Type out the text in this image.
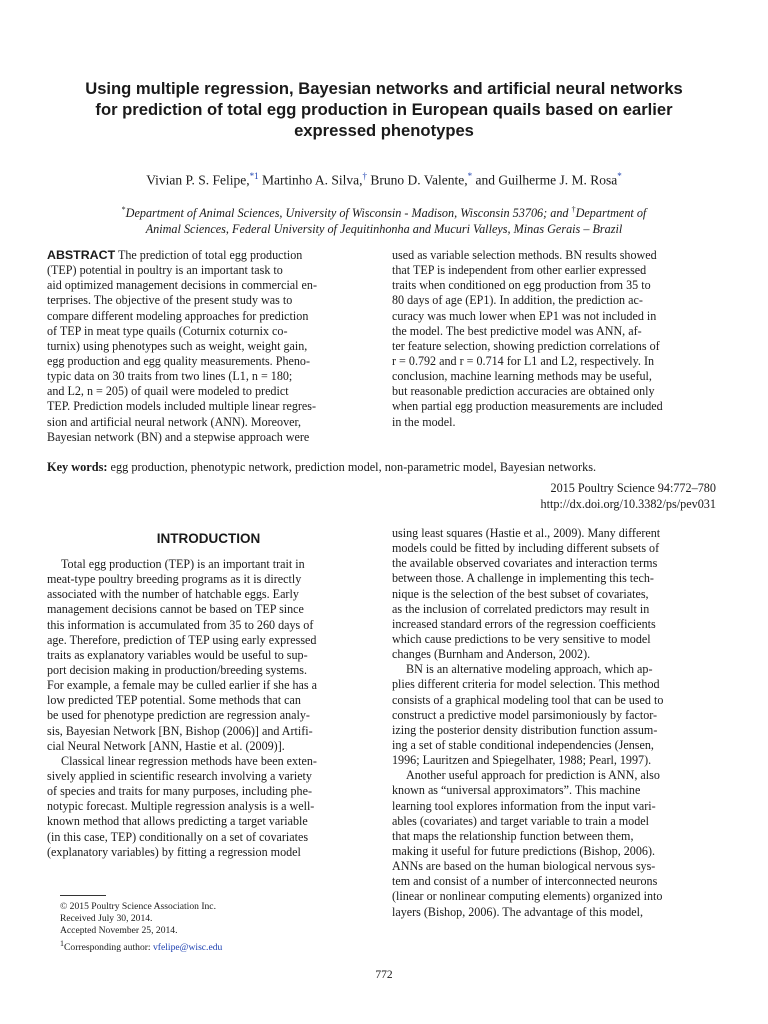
Using multiple regression, Bayesian networks and artificial neural networks
for prediction of total egg production in European quails based on earlier
expressed phenotypes
Vivian P. S. Felipe,$^{*1}$ Martinho A. Silva,† Bruno D. Valente,* and Guilherme J. M. Rosa*
*Department of Animal Sciences, University of Wisconsin - Madison, Wisconsin 53706; and †Department of
Animal Sciences, Federal University of Jequitinhonha and Mucuri Valleys, Minas Gerais – Brazil
ABSTRACT The prediction of total egg production
(TEP) potential in poultry is an important task to
aid optimized management decisions in commercial en-
terprises. The objective of the present study was to
compare different modeling approaches for prediction
of TEP in meat type quails (Coturnix coturnix co-
turnix) using phenotypes such as weight, weight gain,
egg production and egg quality measurements. Pheno-
typic data on 30 traits from two lines (L1, n = 180;
and L2, n = 205) of quail were modeled to predict
TEP. Prediction models included multiple linear regres-
sion and artificial neural network (ANN). Moreover,
Bayesian network (BN) and a stepwise approach were
used as variable selection methods. BN results showed
that TEP is independent from other earlier expressed
traits when conditioned on egg production from 35 to
80 days of age (EP1). In addition, the prediction ac-
curacy was much lower when EP1 was not included in
the model. The best predictive model was ANN, af-
ter feature selection, showing prediction correlations of
r = 0.792 and r = 0.714 for L1 and L2, respectively. In
conclusion, machine learning methods may be useful,
but reasonable prediction accuracies are obtained only
when partial egg production measurements are included
in the model.
Key words: egg production, phenotypic network, prediction model, non-parametric model, Bayesian networks.
2015 Poultry Science 94:772–780
http://dx.doi.org/10.3382/ps/pev031
INTRODUCTION
Total egg production (TEP) is an important trait in
meat-type poultry breeding programs as it is directly
associated with the number of hatchable eggs. Early
management decisions cannot be based on TEP since
this information is accumulated from 35 to 260 days of
age. Therefore, prediction of TEP using early expressed
traits as explanatory variables would be useful to sup-
port decision making in production/breeding systems.
For example, a female may be culled earlier if she has a
low predicted TEP potential. Some methods that can
be used for phenotype prediction are regression analy-
sis, Bayesian Network [BN, Bishop (2006)] and Artifi-
cial Neural Network [ANN, Hastie et al. (2009)].
Classical linear regression methods have been exten-
sively applied in scientific research involving a variety
of species and traits for many purposes, including phe-
notypic forecast. Multiple regression analysis is a well-
known method that allows predicting a target variable
(in this case, TEP) conditionally on a set of covariates
(explanatory variables) by fitting a regression model
using least squares (Hastie et al., 2009). Many different
models could be fitted by including different subsets of
the available observed covariates and interaction terms
between those. A challenge in implementing this tech-
nique is the selection of the best subset of covariates,
as the inclusion of correlated predictors may result in
increased standard errors of the regression coefficients
which cause predictions to be very sensitive to model
changes (Burnham and Anderson, 2002).
BN is an alternative modeling approach, which ap-
plies different criteria for model selection. This method
consists of a graphical modeling tool that can be used to
construct a predictive model parsimoniously by factor-
izing the posterior density distribution function assum-
ing a set of stable conditional independencies (Jensen,
1996; Lauritzen and Spiegelhater, 1988; Pearl, 1997).
Another useful approach for prediction is ANN, also
known as “universal approximators”. This machine
learning tool explores information from the input vari-
ables (covariates) and target variable to train a model
that maps the relationship function between them,
making it useful for future predictions (Bishop, 2006).
ANNs are based on the human biological nervous sys-
tem and consist of a number of interconnected neurons
(linear or nonlinear computing elements) organized into
layers (Bishop, 2006). The advantage of this model,
© 2015 Poultry Science Association Inc.
Received July 30, 2014.
Accepted November 25, 2014.
$^1$Corresponding author: vfelipe@wisc.edu
772
